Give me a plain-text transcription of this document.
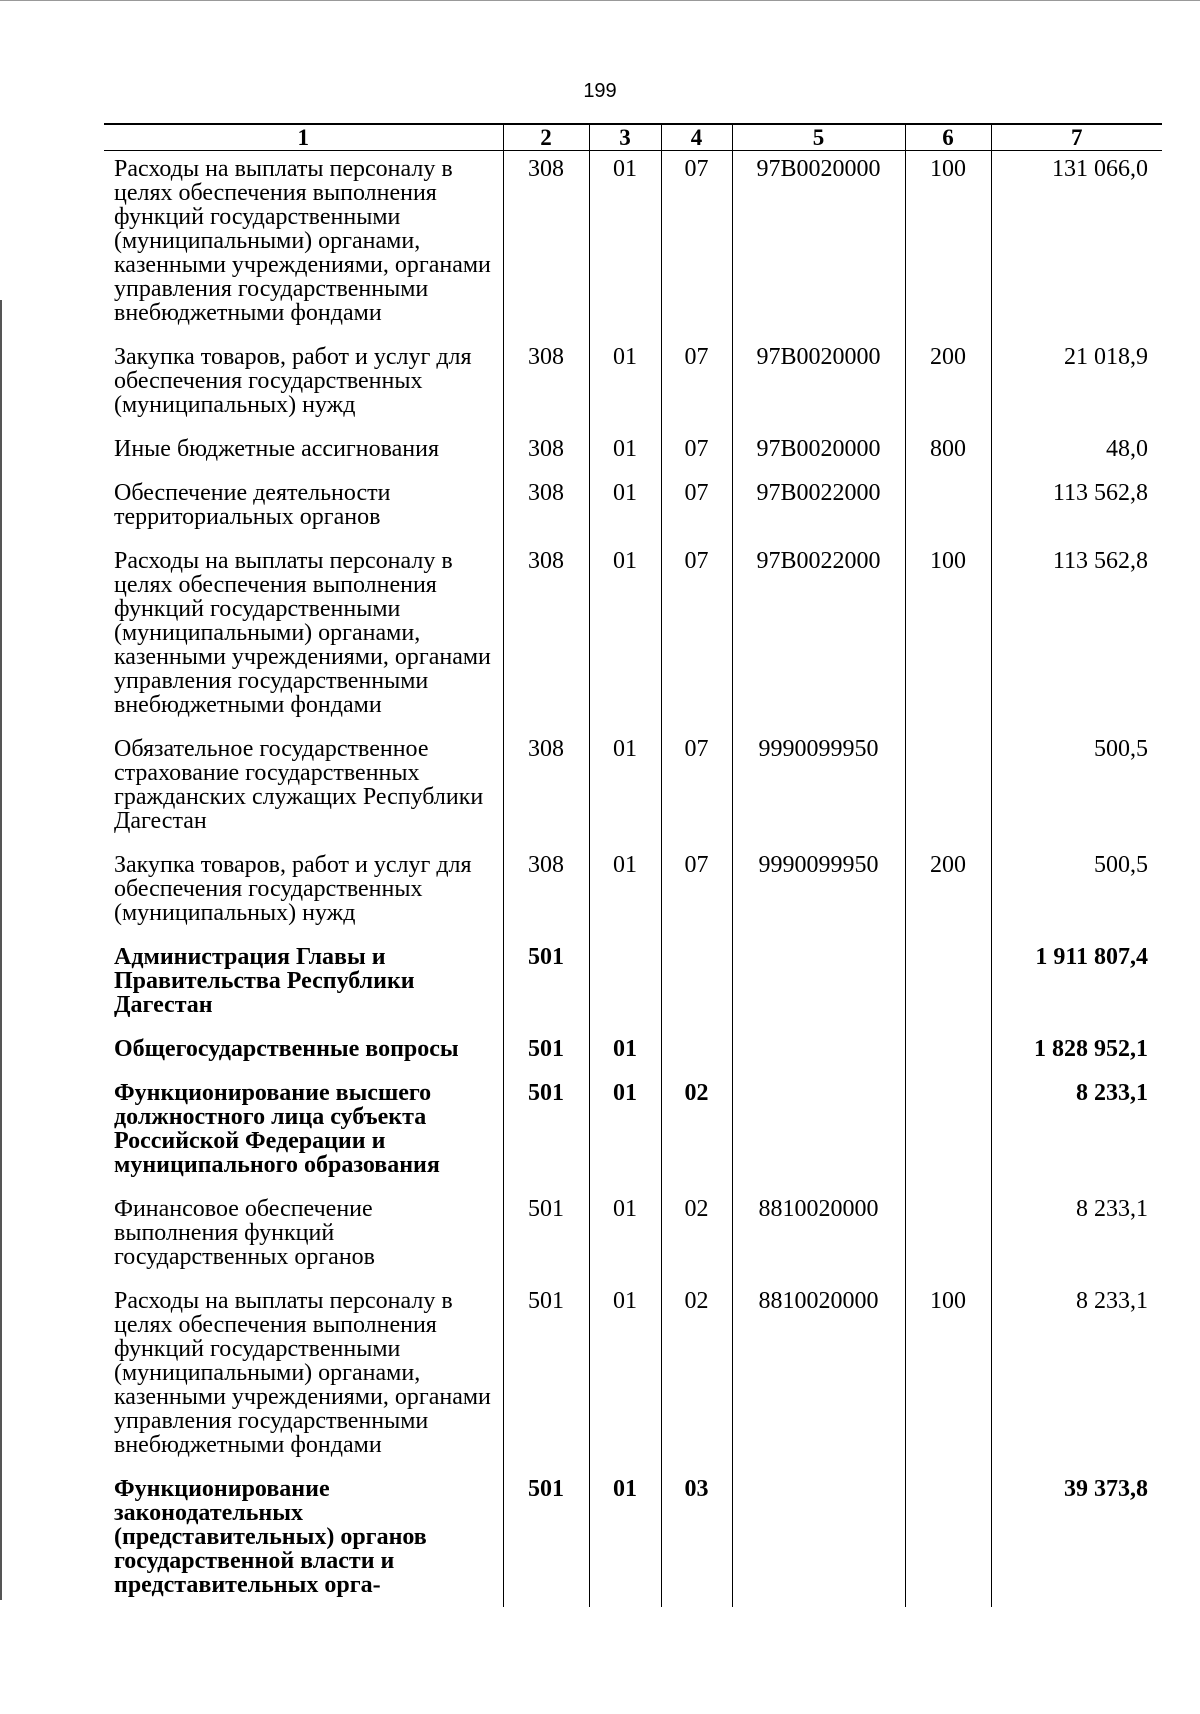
199
1	2	3	4	5	6	7
Расходы на выплаты персоналу в целях обеспечения выполнения функций государственными (муниципальными) органами, казенными учреждениями, органами управления государственными внебюджетными фондами	308	01	07	97В0020000	100	131 066,0
Закупка товаров, работ и услуг для обеспечения государственных (муниципальных) нужд	308	01	07	97В0020000	200	21 018,9
Иные бюджетные ассигнования	308	01	07	97В0020000	800	48,0
Обеспечение деятельности территориальных органов	308	01	07	97В0022000		113 562,8
Расходы на выплаты персоналу в целях обеспечения выполнения функций государственными (муниципальными) органами, казенными учреждениями, органами управления государственными внебюджетными фондами	308	01	07	97В0022000	100	113 562,8
Обязательное государственное страхование государственных гражданских служащих Республики Дагестан	308	01	07	9990099950		500,5
Закупка товаров, работ и услуг для обеспечения государственных (муниципальных) нужд	308	01	07	9990099950	200	500,5
Администрация Главы и Правительства Республики Дагестан	501					1 911 807,4
Общегосударственные вопросы	501	01				1 828 952,1
Функционирование высшего должностного лица субъекта Российской Федерации и муниципального образования	501	01	02			8 233,1
Финансовое обеспечение выполнения функций государственных органов	501	01	02	8810020000		8 233,1
Расходы на выплаты персоналу в целях обеспечения выполнения функций государственными (муниципальными) органами, казенными учреждениями, органами управления государственными внебюджетными фондами	501	01	02	8810020000	100	8 233,1
Функционирование законодательных (представительных) органов государственной власти и представительных орга-	501	01	03			39 373,8
